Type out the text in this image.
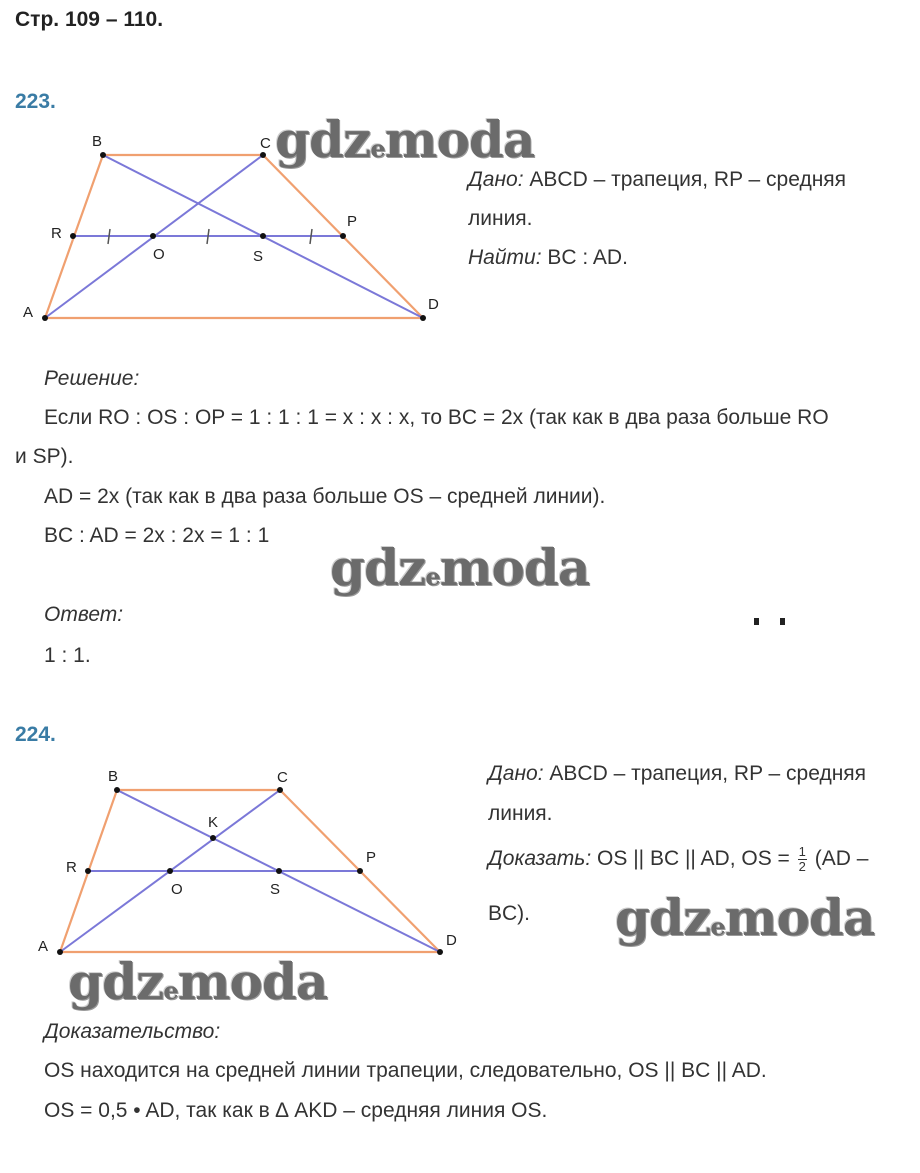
Стр. 109 – 110.
223.
B	C
R
O	S
P
A	D
B	C
K
R
P
O	S
A	D
gdzemoda
gdzemoda
gdzemoda
gdzemoda
Дано: ABCD – трапеция, RP – средняя
линия.
Найти: BC : AD.
Решение:
Если RO : OS : OP = 1 : 1 : 1 = x : x : x, то BC = 2x (так как в два раза больше RO
и SP).
AD = 2x (так как в два раза больше OS – средней линии).
BC : AD = 2x : 2x = 1 : 1
Ответ:
1 : 1.
224.
Дано: ABCD – трапеция, RP – средняя
линия.
Доказать: OS || BC || AD, OS = $\frac{1}{2} (AD$ –
BC).
Доказательство:
OS находится на средней линии трапеции, следовательно, OS || BC || AD.
OS = 0,5 • AD, так как в ∆ AKD – средняя линия OS.
